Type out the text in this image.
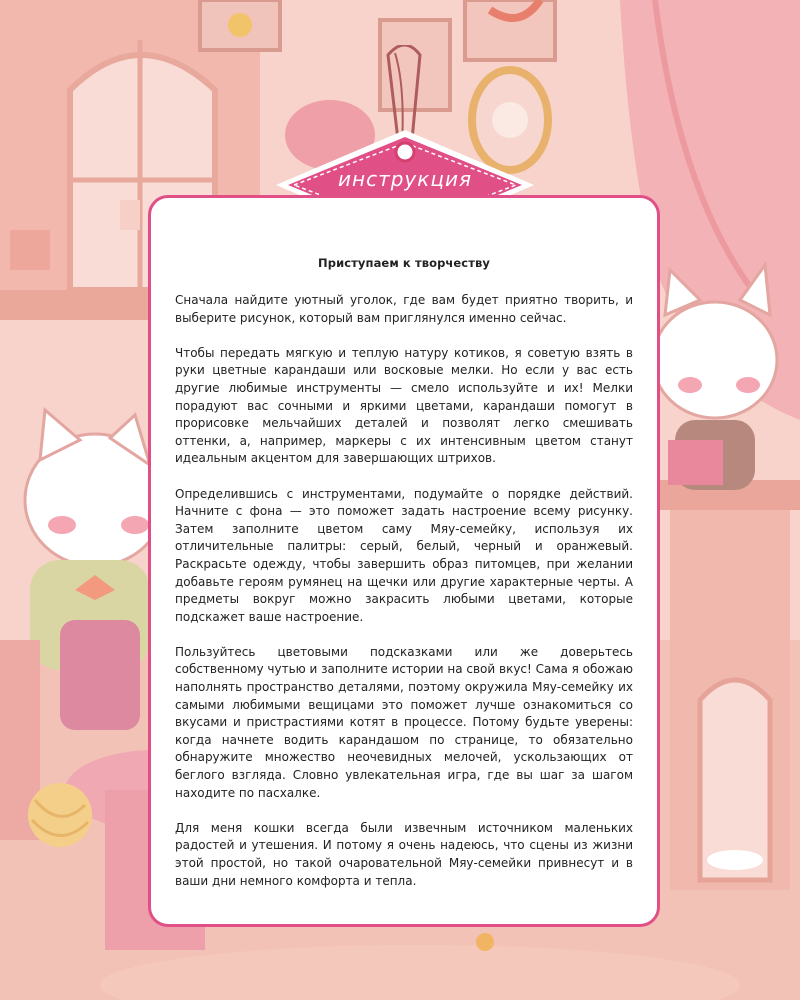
инструкция
Приступаем к творчеству

Сначала найдите уютный уголок, где вам будет приятно творить, и выберите рисунок, который вам приглянулся именно сейчас.

Чтобы передать мягкую и теплую натуру котиков, я советую взять в руки цветные карандаши или восковые мелки. Но если у вас есть другие любимые инструменты — смело используйте и их! Мелки порадуют вас сочными и яркими цветами, карандаши помогут в прорисовке мельчайших деталей и позволят легко смешивать оттенки, а, например, маркеры с их интенсивным цветом станут идеальным акцентом для завершающих штрихов.

Определившись с инструментами, подумайте о порядке действий. Начните с фона — это поможет задать настроение всему рисунку. Затем заполните цветом саму Мяу-семейку, используя их отличительные палитры: серый, белый, черный и оранжевый. Раскрасьте одежду, чтобы завершить образ питомцев, при желании добавьте героям румянец на щечки или другие характерные черты. А предметы вокруг можно закрасить любыми цветами, которые подскажет ваше настроение.

Пользуйтесь цветовыми подсказками или же доверьтесь собственному чутью и заполните истории на свой вкус! Сама я обожаю наполнять пространство деталями, поэтому окружила Мяу-семейку их самыми любимыми вещицами это поможет лучше ознакомиться со вкусами и пристрастиями котят в процессе. Потому будьте уверены: когда начнете водить карандашом по странице, то обязательно обнаружите множество неочевидных мелочей, ускользающих от беглого взгляда. Словно увлекательная игра, где вы шаг за шагом находите по пасхалке.

Для меня кошки всегда были извечным источником маленьких радостей и утешения. И потому я очень надеюсь, что сцены из жизни этой простой, но такой очаровательной Мяу-семейки привнесут и в ваши дни немного комфорта и тепла.
